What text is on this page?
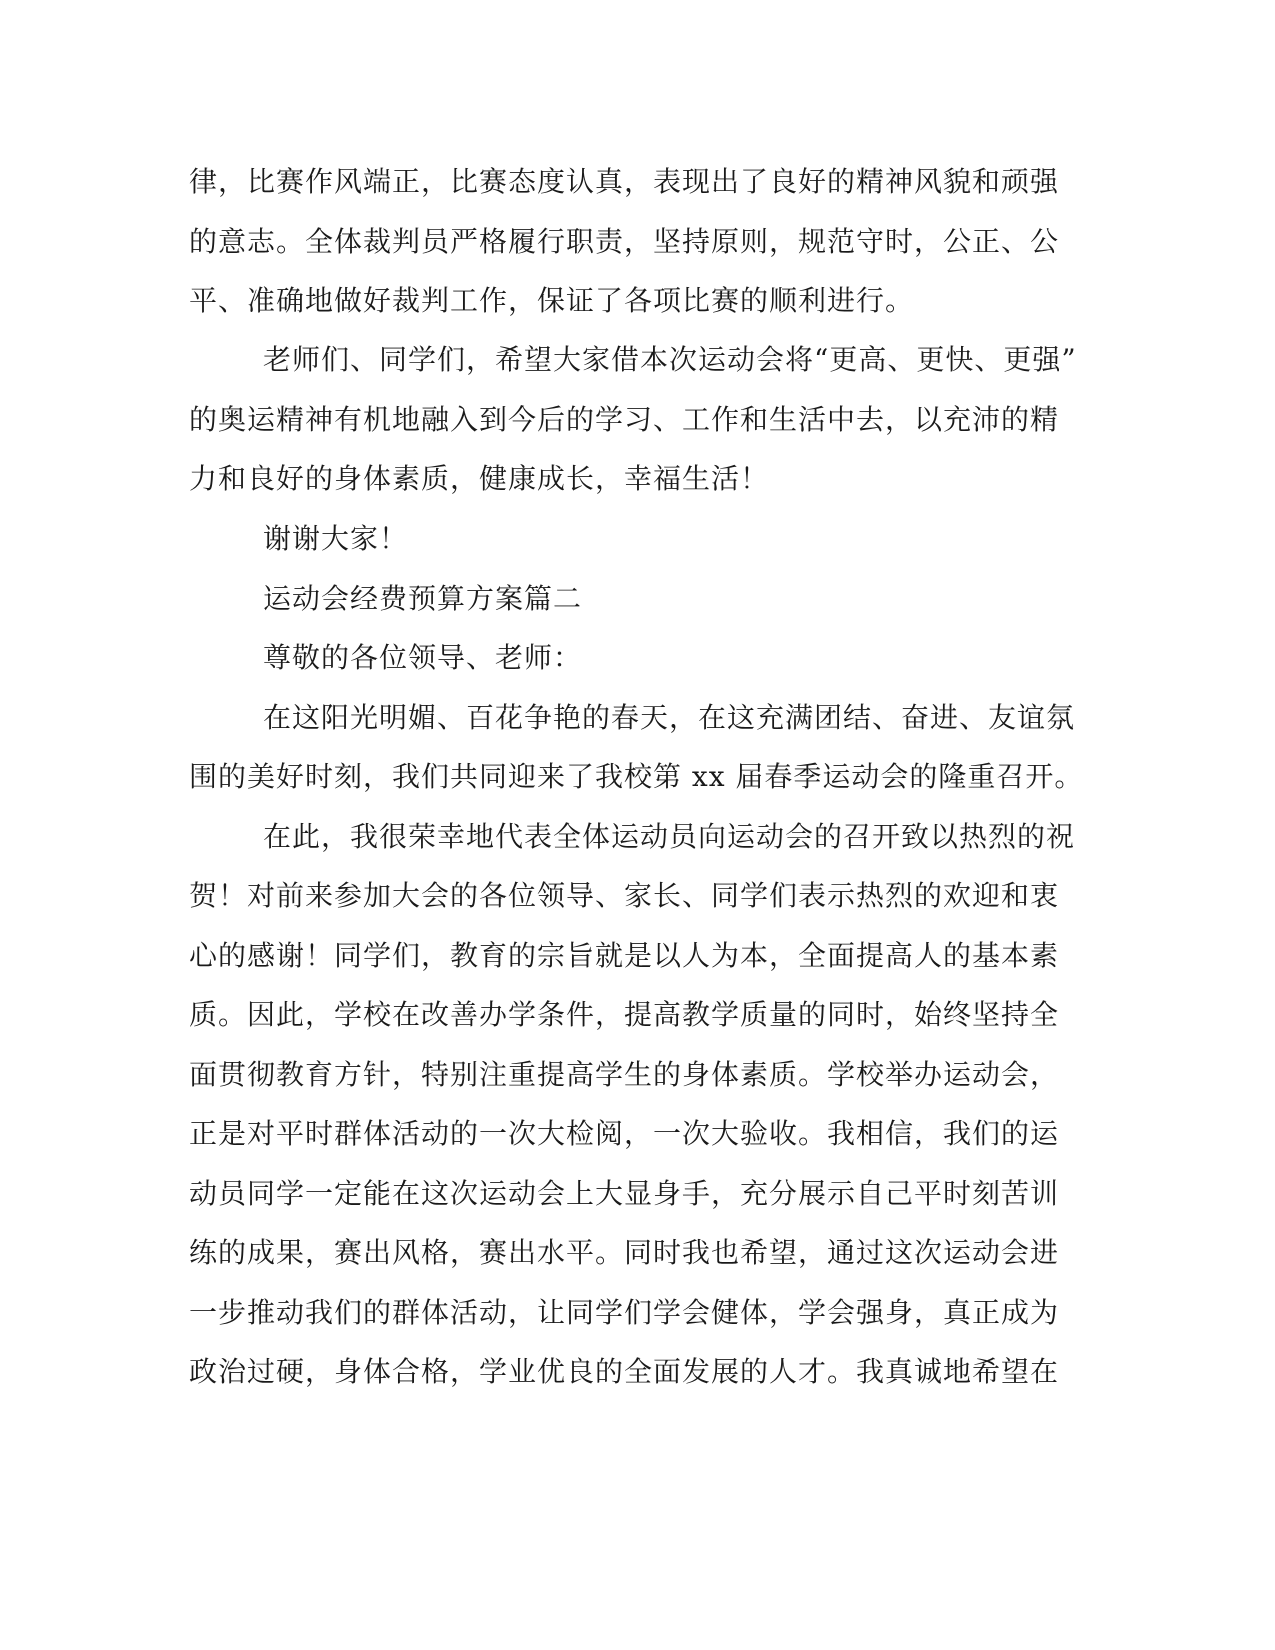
律，比赛作风端正，比赛态度认真，表现出了良好的精神风貌和顽强
的意志。全体裁判员严格履行职责，坚持原则，规范守时，公正、公
平、准确地做好裁判工作，保证了各项比赛的顺利进行。
老师们、同学们，希望大家借本次运动会将“更高、更快、更强”
的奥运精神有机地融入到今后的学习、工作和生活中去，以充沛的精
力和良好的身体素质，健康成长，幸福生活！
谢谢大家！
运动会经费预算方案篇二
尊敬的各位领导、老师：
在这阳光明媚、百花争艳的春天，在这充满团结、奋进、友谊氛
围的美好时刻，我们共同迎来了我校第 xx 届春季运动会的隆重召开。
在此，我很荣幸地代表全体运动员向运动会的召开致以热烈的祝
贺！对前来参加大会的各位领导、家长、同学们表示热烈的欢迎和衷
心的感谢！同学们，教育的宗旨就是以人为本，全面提高人的基本素
质。因此，学校在改善办学条件，提高教学质量的同时，始终坚持全
面贯彻教育方针，特别注重提高学生的身体素质。学校举办运动会，
正是对平时群体活动的一次大检阅，一次大验收。我相信，我们的运
动员同学一定能在这次运动会上大显身手，充分展示自己平时刻苦训
练的成果，赛出风格，赛出水平。同时我也希望，通过这次运动会进
一步推动我们的群体活动，让同学们学会健体，学会强身，真正成为
政治过硬，身体合格，学业优良的全面发展的人才。我真诚地希望在
